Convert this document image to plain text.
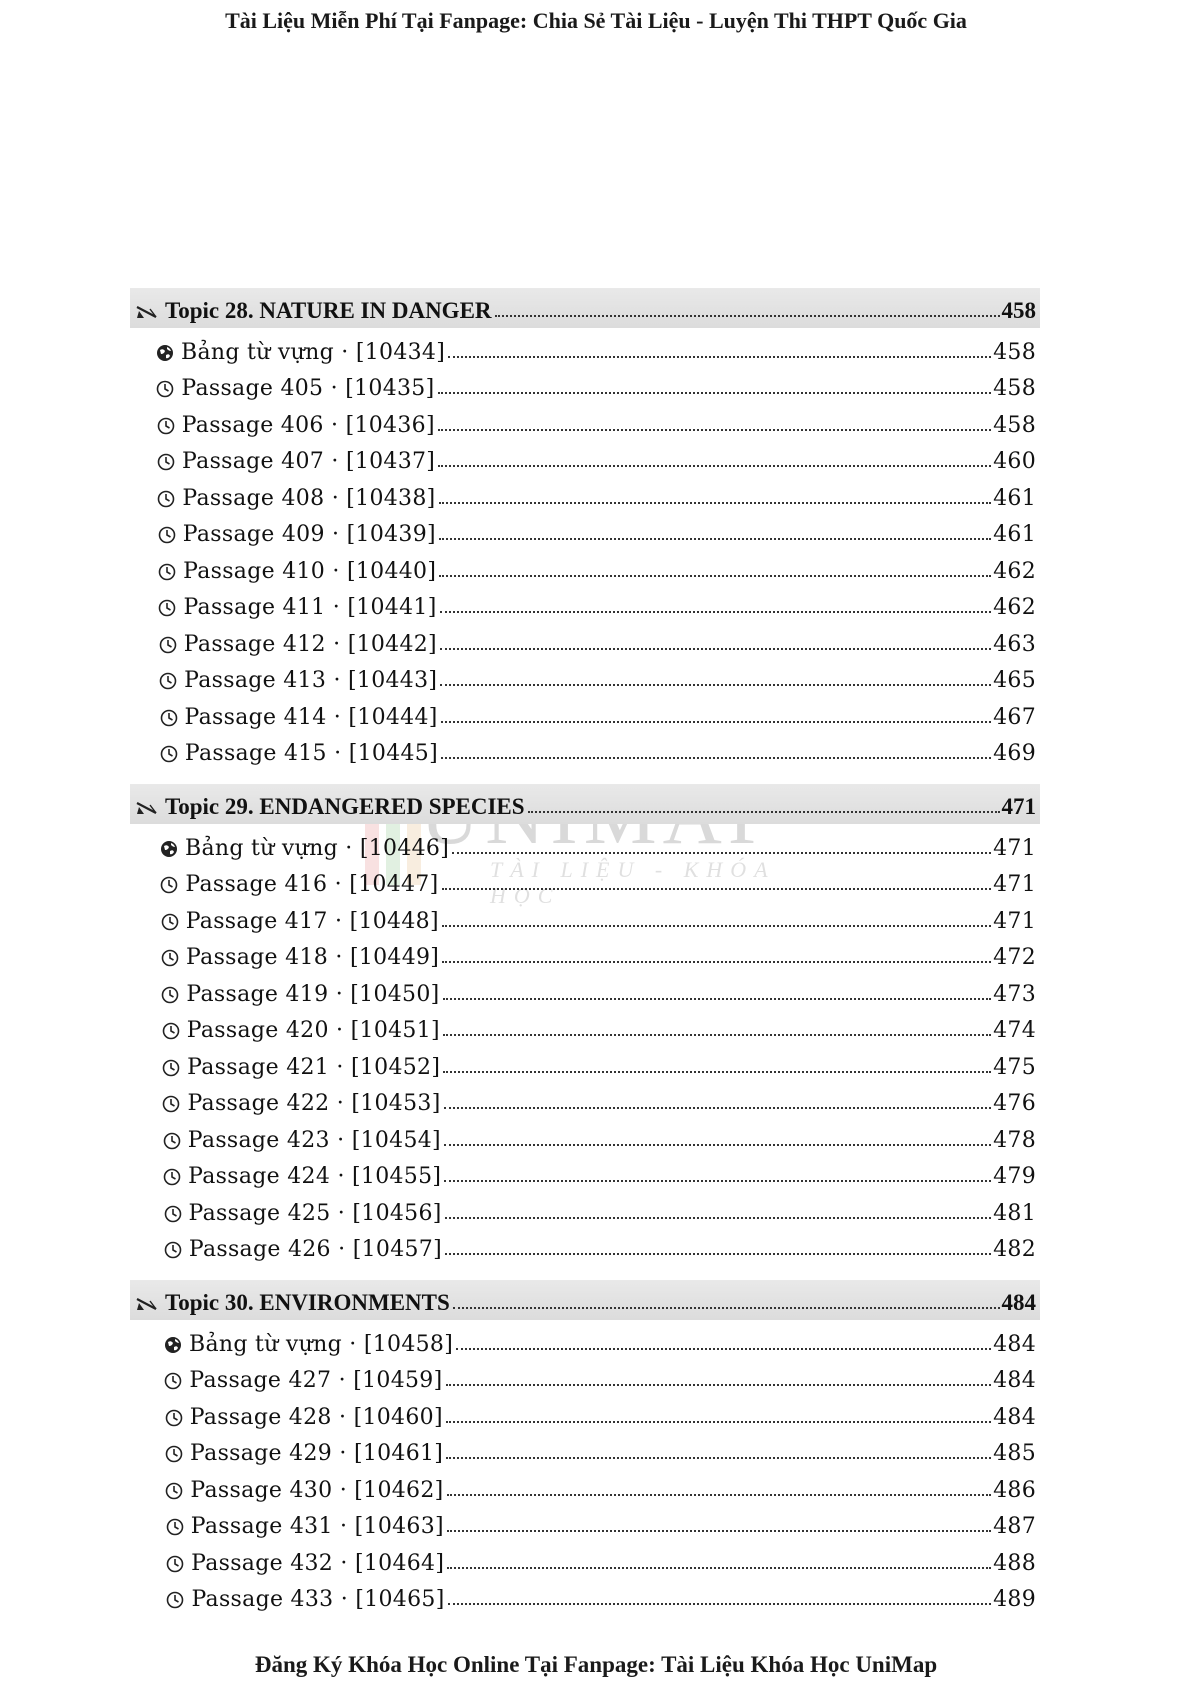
Tài Liệu Miễn Phí Tại Fanpage: Chia Sẻ Tài Liệu - Luyện Thi THPT Quốc Gia
TÀI LIỆU - KHÓA HỌC
Topic 28. NATURE IN DANGER	458
Bảng từ vựng · [10434]	458
Passage 405 · [10435]	458
Passage 406 · [10436]	458
Passage 407 · [10437]	460
Passage 408 · [10438]	461
Passage 409 · [10439]	461
Passage 410 · [10440]	462
Passage 411 · [10441]	462
Passage 412 · [10442]	463
Passage 413 · [10443]	465
Passage 414 · [10444]	467
Passage 415 · [10445]	469
Topic 29. ENDANGERED SPECIES	471
Bảng từ vựng · [10446]	471
Passage 416 · [10447]	471
Passage 417 · [10448]	471
Passage 418 · [10449]	472
Passage 419 · [10450]	473
Passage 420 · [10451]	474
Passage 421 · [10452]	475
Passage 422 · [10453]	476
Passage 423 · [10454]	478
Passage 424 · [10455]	479
Passage 425 · [10456]	481
Passage 426 · [10457]	482
Topic 30. ENVIRONMENTS	484
Bảng từ vựng · [10458]	484
Passage 427 · [10459]	484
Passage 428 · [10460]	484
Passage 429 · [10461]	485
Passage 430 · [10462]	486
Passage 431 · [10463]	487
Passage 432 · [10464]	488
Passage 433 · [10465]	489
Đăng Ký Khóa Học Online Tại Fanpage: Tài Liệu Khóa Học UniMap
